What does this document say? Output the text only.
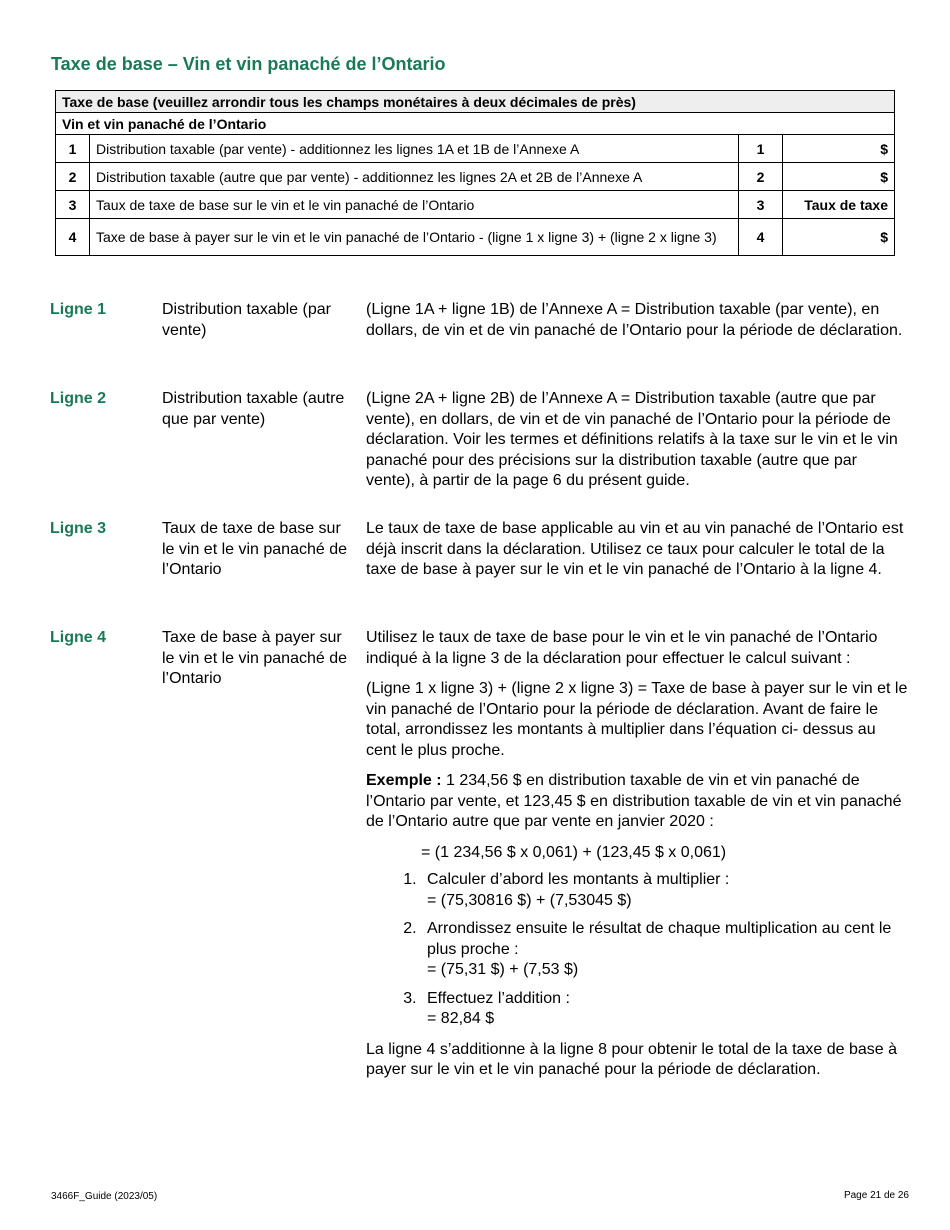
Taxe de base – Vin et vin panaché de l’Ontario
Taxe de base (veuillez arrondir tous les champs monétaires à deux décimales de près)			
Vin et vin panaché de l’Ontario			
1	Distribution taxable (par vente) - additionnez les lignes 1A et 1B de l’Annexe A	1	$
2	Distribution taxable (autre que par vente) - additionnez les lignes 2A et 2B de l’Annexe A	2	$
3	Taux de taxe de base sur le vin et le vin panaché de l’Ontario	3	Taux de taxe
4	Taxe de base à payer sur le vin et le vin panaché de l’Ontario - (ligne 1 x ligne 3) + (ligne 2 x ligne 3)	4	$
Ligne 1	Distribution taxable (par vente)
(Ligne 1A + ligne 1B) de l’Annexe A = Distribution taxable (par vente), en dollars, de vin et de vin panaché de l’Ontario pour la période de déclaration.
Ligne 2	Distribution taxable (autre que par vente)
(Ligne 2A + ligne 2B) de l’Annexe A = Distribution taxable (autre que par vente), en dollars, de vin et de vin panaché de l’Ontario pour la période de déclaration. Voir les termes et définitions relatifs à la taxe sur le vin et le vin panaché pour des précisions sur la distribution taxable (autre que par vente), à partir de la page 6 du présent guide.
Ligne 3	Taux de taxe de base sur le vin et le vin panaché de l’Ontario
Le taux de taxe de base applicable au vin et au vin panaché de l’Ontario est déjà inscrit dans la déclaration. Utilisez ce taux pour calculer le total de la taxe de base à payer sur le vin et le vin panaché de l’Ontario à la ligne 4.
Ligne 4	Taxe de base à payer sur le vin et le vin panaché de l’Ontario

Utilisez le taux de taxe de base pour le vin et le vin panaché de l’Ontario indiqué à la ligne 3 de la déclaration pour effectuer le calcul suivant :

(Ligne 1 x ligne 3) + (ligne 2 x ligne 3) = Taxe de base à payer sur le vin et le vin panaché de l’Ontario pour la période de déclaration. Avant de faire le total, arrondissez les montants à multiplier dans l’équation ci- dessus au cent le plus proche.

Exemple : 1 234,56 $ en distribution taxable de vin et vin panaché de l’Ontario par vente, et 123,45 $ en distribution taxable de vin et vin panaché de l’Ontario autre que par vente en janvier 2020 :

= (1 234,56 $ x 0,061) + (123,45 $ x 0,061)
1. Calculer d’abord les montants à multiplier :
= (75,30816 $) + (7,53045 $)
2. Arrondissez ensuite le résultat de chaque multiplication au cent le plus proche :
= (75,31 $) + (7,53 $)
3. Effectuez l’addition :
= 82,84 $

La ligne 4 s’additionne à la ligne 8 pour obtenir le total de la taxe de base à payer sur le vin et le vin panaché pour la période de déclaration.

3466F_Guide (2023/05)	Page 21 de 26
